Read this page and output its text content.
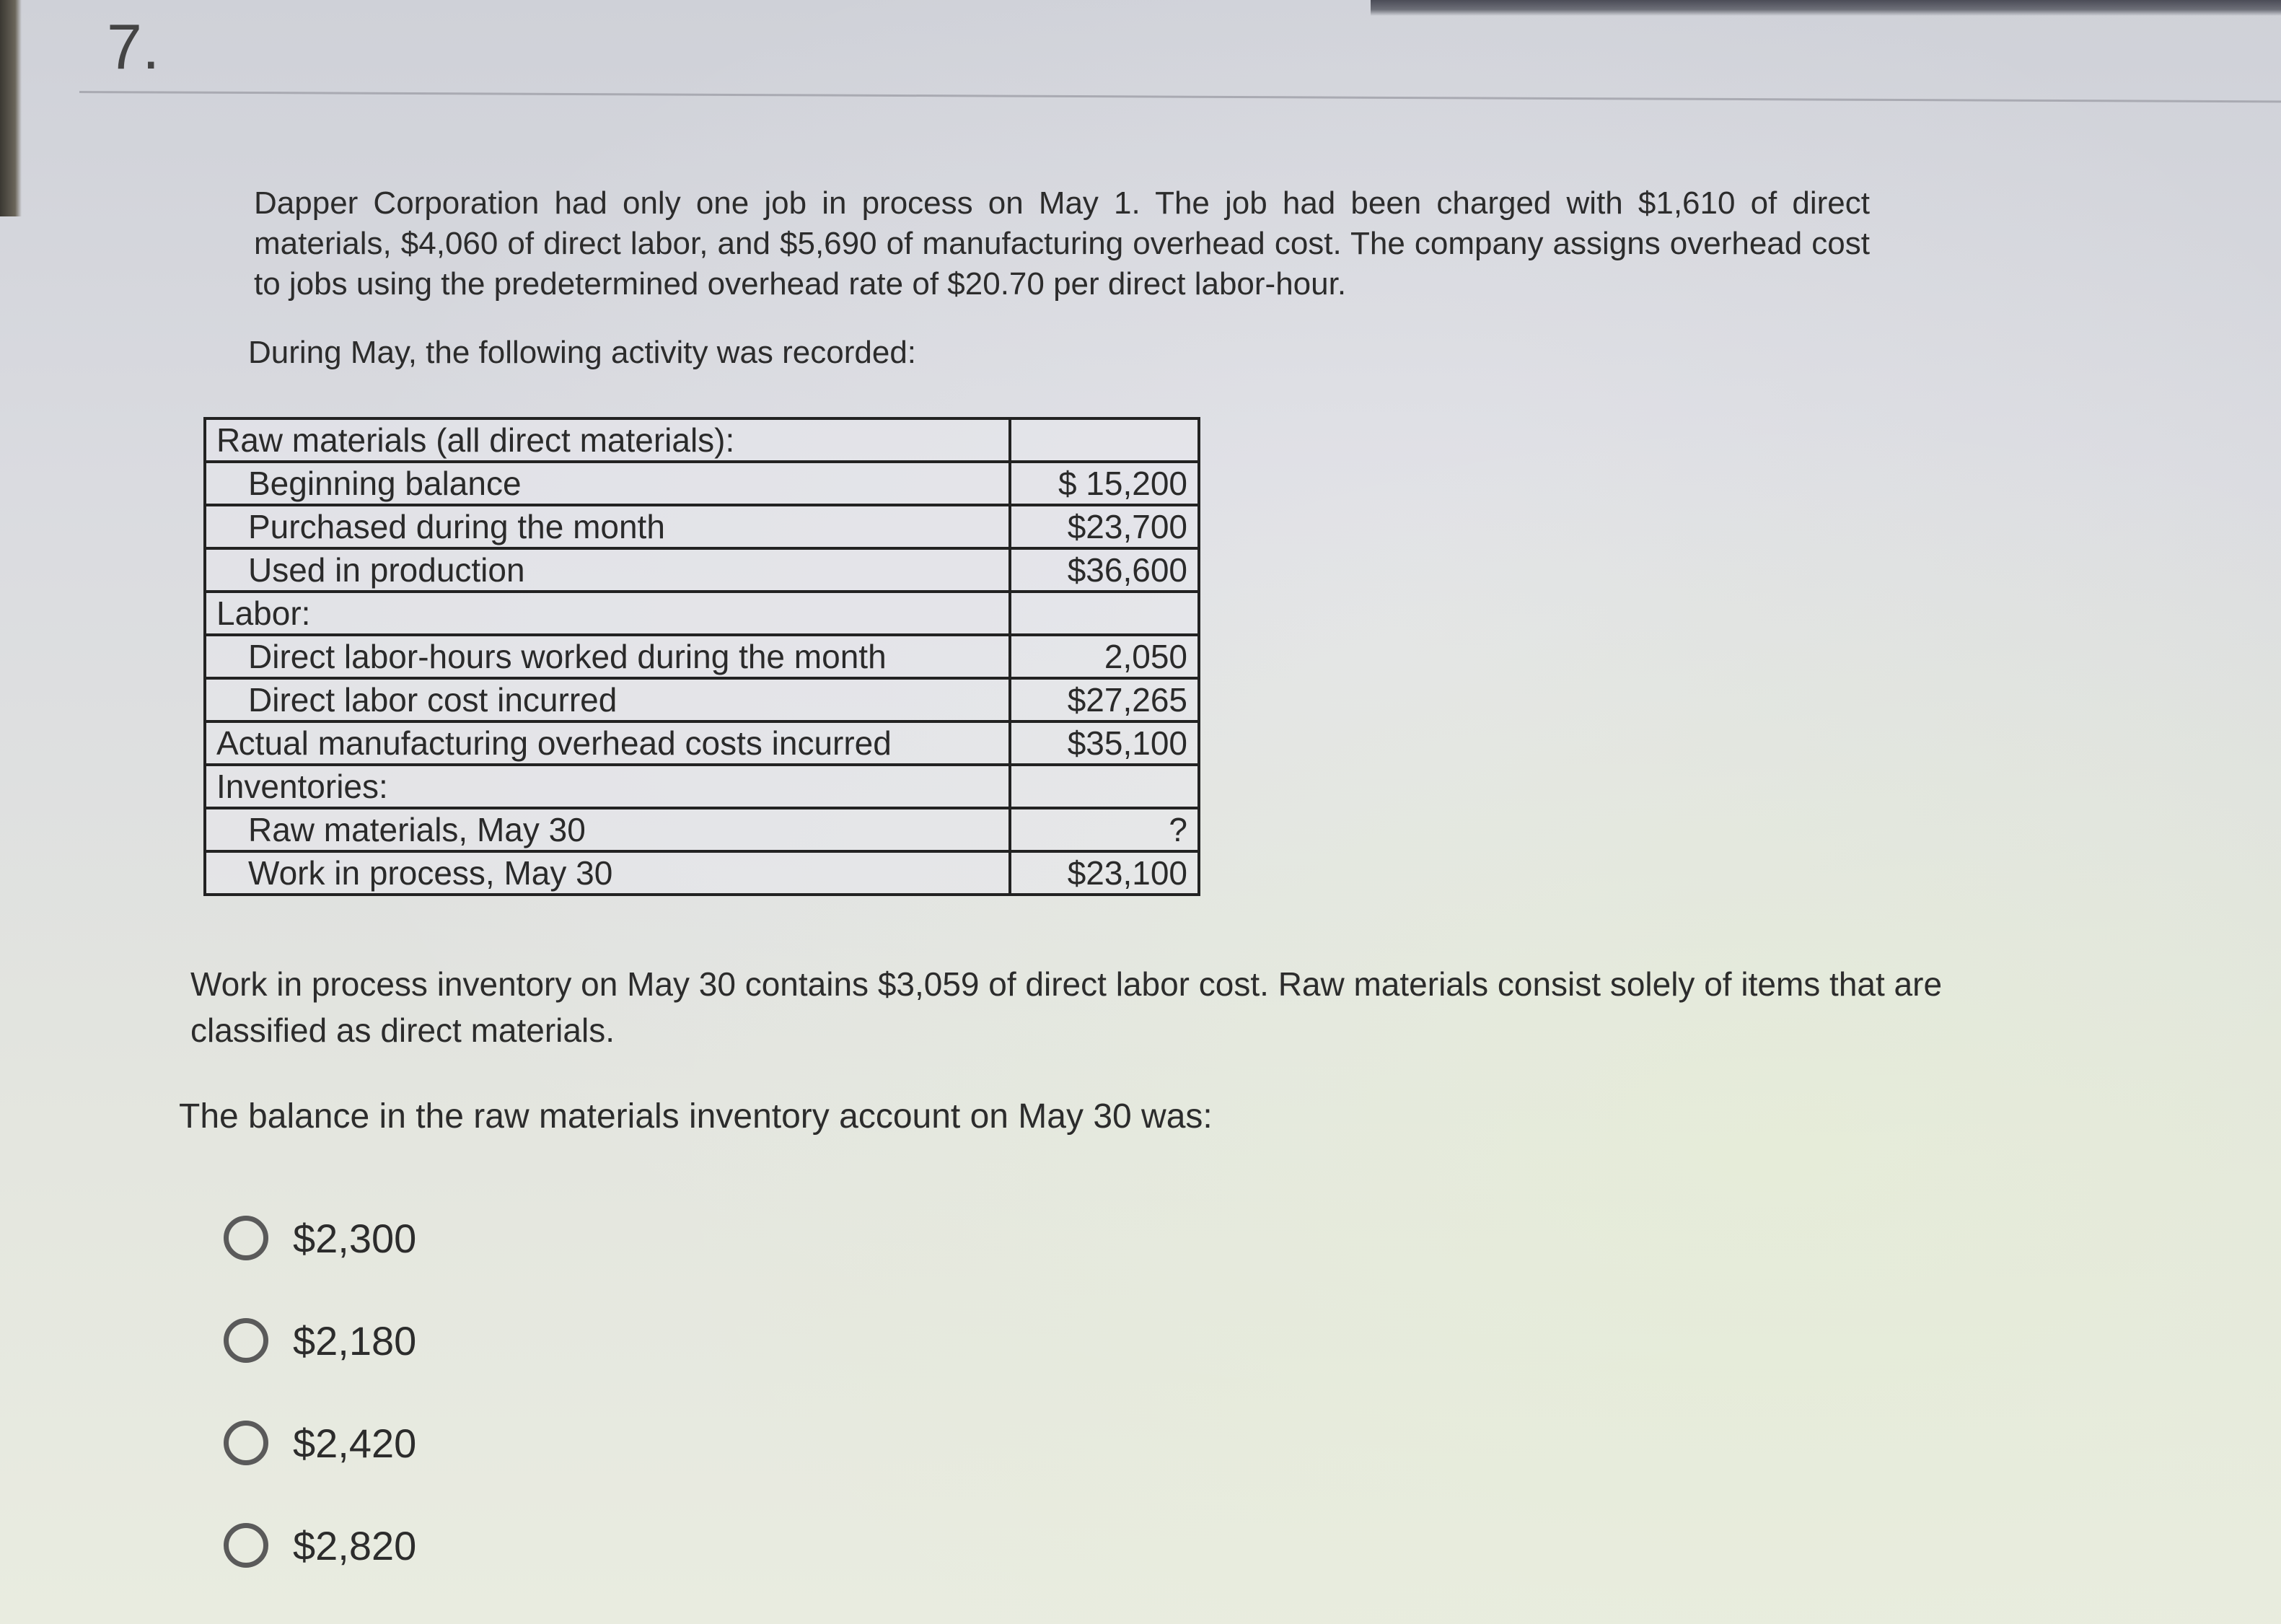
7.
Dapper Corporation had only one job in process on May 1. The job had been charged with $1,610 of direct materials, $4,060 of direct labor, and $5,690 of manufacturing overhead cost. The company assigns overhead cost to jobs using the predetermined overhead rate of $20.70 per direct labor-hour.
During May, the following activity was recorded:
Raw materials (all direct materials):	
Beginning balance	$ 15,200
Purchased during the month	$23,700
Used in production	$36,600
Labor:	
Direct labor-hours worked during the month	2,050
Direct labor cost incurred	$27,265
Actual manufacturing overhead costs incurred	$35,100
Inventories:	
Raw materials, May 30	?
Work in process, May 30	$23,100
Work in process inventory on May 30 contains $3,059 of direct labor cost. Raw materials consist solely of items that are classified as direct materials.
The balance in the raw materials inventory account on May 30 was:
$2,300
$2,180
$2,420
$2,820
